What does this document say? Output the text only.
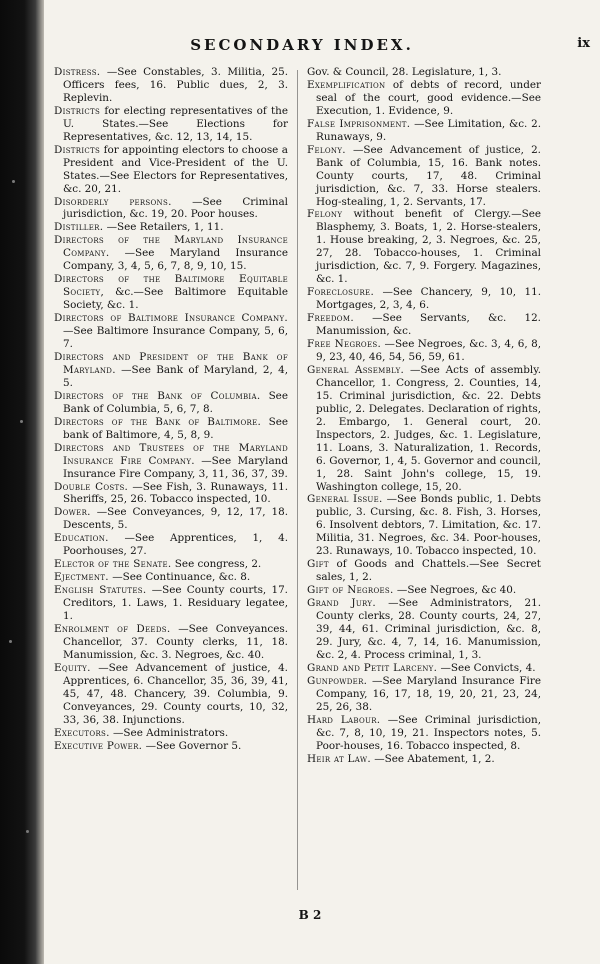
SECONDARY INDEX.	ix

Distress. —See Constables, 3. Militia, 25. Officers fees, 16. Public dues, 2, 3. Replevin.

Districts for electing representatives of the U. States.—See Elections for Representatives, &c. 12, 13, 14, 15.

Districts for appointing electors to choose a President and Vice-President of the U. States.—See Electors for Representatives, &c. 20, 21.

Disorderly persons. —See Criminal jurisdiction, &c. 19, 20. Poor houses.

Distiller. —See Retailers, 1, 11.

Directors of the Maryland Insurance Company. —See Maryland Insurance Company, 3, 4, 5, 6, 7, 8, 9, 10, 15.

Directors of the Baltimore Equitable Society, &c.—See Baltimore Equitable Society, &c. 1.

Directors of Baltimore Insurance Company. —See Baltimore Insurance Company, 5, 6, 7.

Directors and President of the Bank of Maryland. —See Bank of Maryland, 2, 4, 5.

Directors of the Bank of Columbia. See Bank of Columbia, 5, 6, 7, 8.

Directors of the Bank of Baltimore. See bank of Baltimore, 4, 5, 8, 9.

Directors and Trustees of the Maryland Insurance Fire Company. —See Maryland Insurance Fire Company, 3, 11, 36, 37, 39.

Double Costs. —See Fish, 3. Runaways, 11. Sheriffs, 25, 26. Tobacco inspected, 10.

Dower. —See Conveyances, 9, 12, 17, 18. Descents, 5.

Education. —See Apprentices, 1, 4. Poorhouses, 27.

Elector of the Senate. See congress, 2.

Ejectment. —See Continuance, &c. 8.

English Statutes. —See County courts, 17. Creditors, 1. Laws, 1. Residuary legatee, 1.

Enrolment of Deeds. —See Conveyances. Chancellor, 37. County clerks, 11, 18. Manumission, &c. 3. Negroes, &c. 40.

Equity. —See Advancement of justice, 4. Apprentices, 6. Chancellor, 35, 36, 39, 41, 45, 47, 48. Chancery, 39. Columbia, 9. Conveyances, 29. County courts, 10, 32, 33, 36, 38. Injunctions.

Executors. —See Administrators.

Executive Power. —See Governor 5.

Gov. & Council, 28. Legislature, 1, 3.

Exemplification of debts of record, under seal of the court, good evidence.—See Execution, 1. Evidence, 9.

False Imprisonment. —See Limitation, &c. 2. Runaways, 9.

Felony. —See Advancement of justice, 2. Bank of Columbia, 15, 16. Bank notes. County courts, 17, 48. Criminal jurisdiction, &c. 7, 33. Horse stealers. Hog-stealing, 1, 2. Servants, 17.

Felony without benefit of Clergy.—See Blasphemy, 3. Boats, 1, 2. Horse-stealers, 1. House breaking, 2, 3. Negroes, &c. 25, 27, 28. Tobacco-houses, 1. Criminal jurisdiction, &c. 7, 9. Forgery. Magazines, &c. 1.

Foreclosure. —See Chancery, 9, 10, 11. Mortgages, 2, 3, 4, 6.

Freedom. —See Servants, &c. 12. Manumission, &c.

Free Negroes. —See Negroes, &c. 3, 4, 6, 8, 9, 23, 40, 46, 54, 56, 59, 61.

General Assembly. —See Acts of assembly. Chancellor, 1. Congress, 2. Counties, 14, 15. Criminal jurisdiction, &c. 22. Debts public, 2. Delegates. Declaration of rights, 2. Embargo, 1. General court, 20. Inspectors, 2. Judges, &c. 1. Legislature, 11. Loans, 3. Naturalization, 1. Records, 6. Governor, 1, 4, 5. Governor and council, 1, 28. Saint John's college, 15, 19. Washington college, 15, 20.

General Issue. —See Bonds public, 1. Debts public, 3. Cursing, &c. 8. Fish, 3. Horses, 6. Insolvent debtors, 7. Limitation, &c. 17. Militia, 31. Negroes, &c. 34. Poor-houses, 23. Runaways, 10. Tobacco inspected, 10.

Gift of Goods and Chattels.—See Secret sales, 1, 2.

Gift of Negroes. —See Negroes, &c 40.

Grand Jury. —See Administrators, 21. County clerks, 28. County courts, 24, 27, 39, 44, 61. Criminal jurisdiction, &c. 8, 29. Jury, &c. 4, 7, 14, 16. Manumission, &c. 2, 4. Process criminal, 1, 3.

Grand and Petit Larceny. —See Convicts, 4.

Gunpowder. —See Maryland Insurance Fire Company, 16, 17, 18, 19, 20, 21, 23, 24, 25, 26, 38.

Hard Labour. —See Criminal jurisdiction, &c. 7, 8, 10, 19, 21. Inspectors notes, 5. Poor-houses, 16. Tobacco inspected, 8.

Heir at Law. —See Abatement, 1, 2.

B 2
